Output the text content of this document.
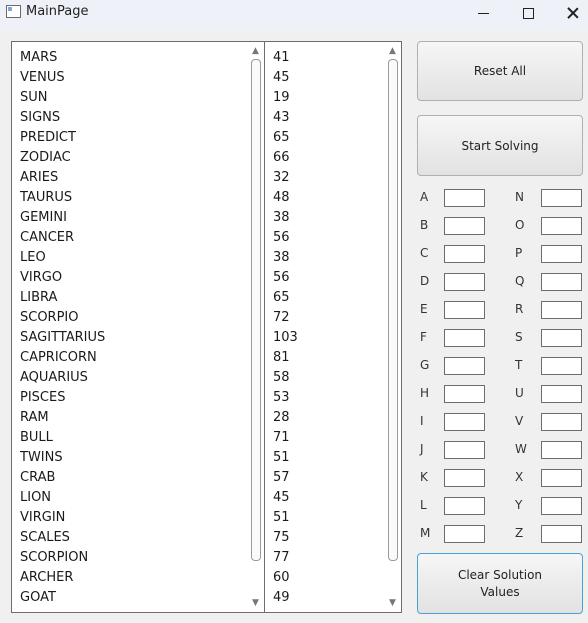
MainPage
MARS
VENUS
SUN
SIGNS
PREDICT
ZODIAC
ARIES
TAURUS
GEMINI
CANCER
LEO
VIRGO
LIBRA
SCORPIO
SAGITTARIUS
CAPRICORN
AQUARIUS
PISCES
RAM
BULL
TWINS
CRAB
LION
VIRGIN
SCALES
SCORPION
ARCHER
GOAT
▲
▼
41
45
19
43
65
66
32
48
38
56
38
56
65
72
103
81
58
53
28
71
51
57
45
51
75
77
60
49
▲
▼
Reset All
Start Solving
A
B
C
D
E
F
G
H
I
J
K
L
M
N
O
P
Q
R
S
T
U
V
W
X
Y
Z
Clear Solution
Values
